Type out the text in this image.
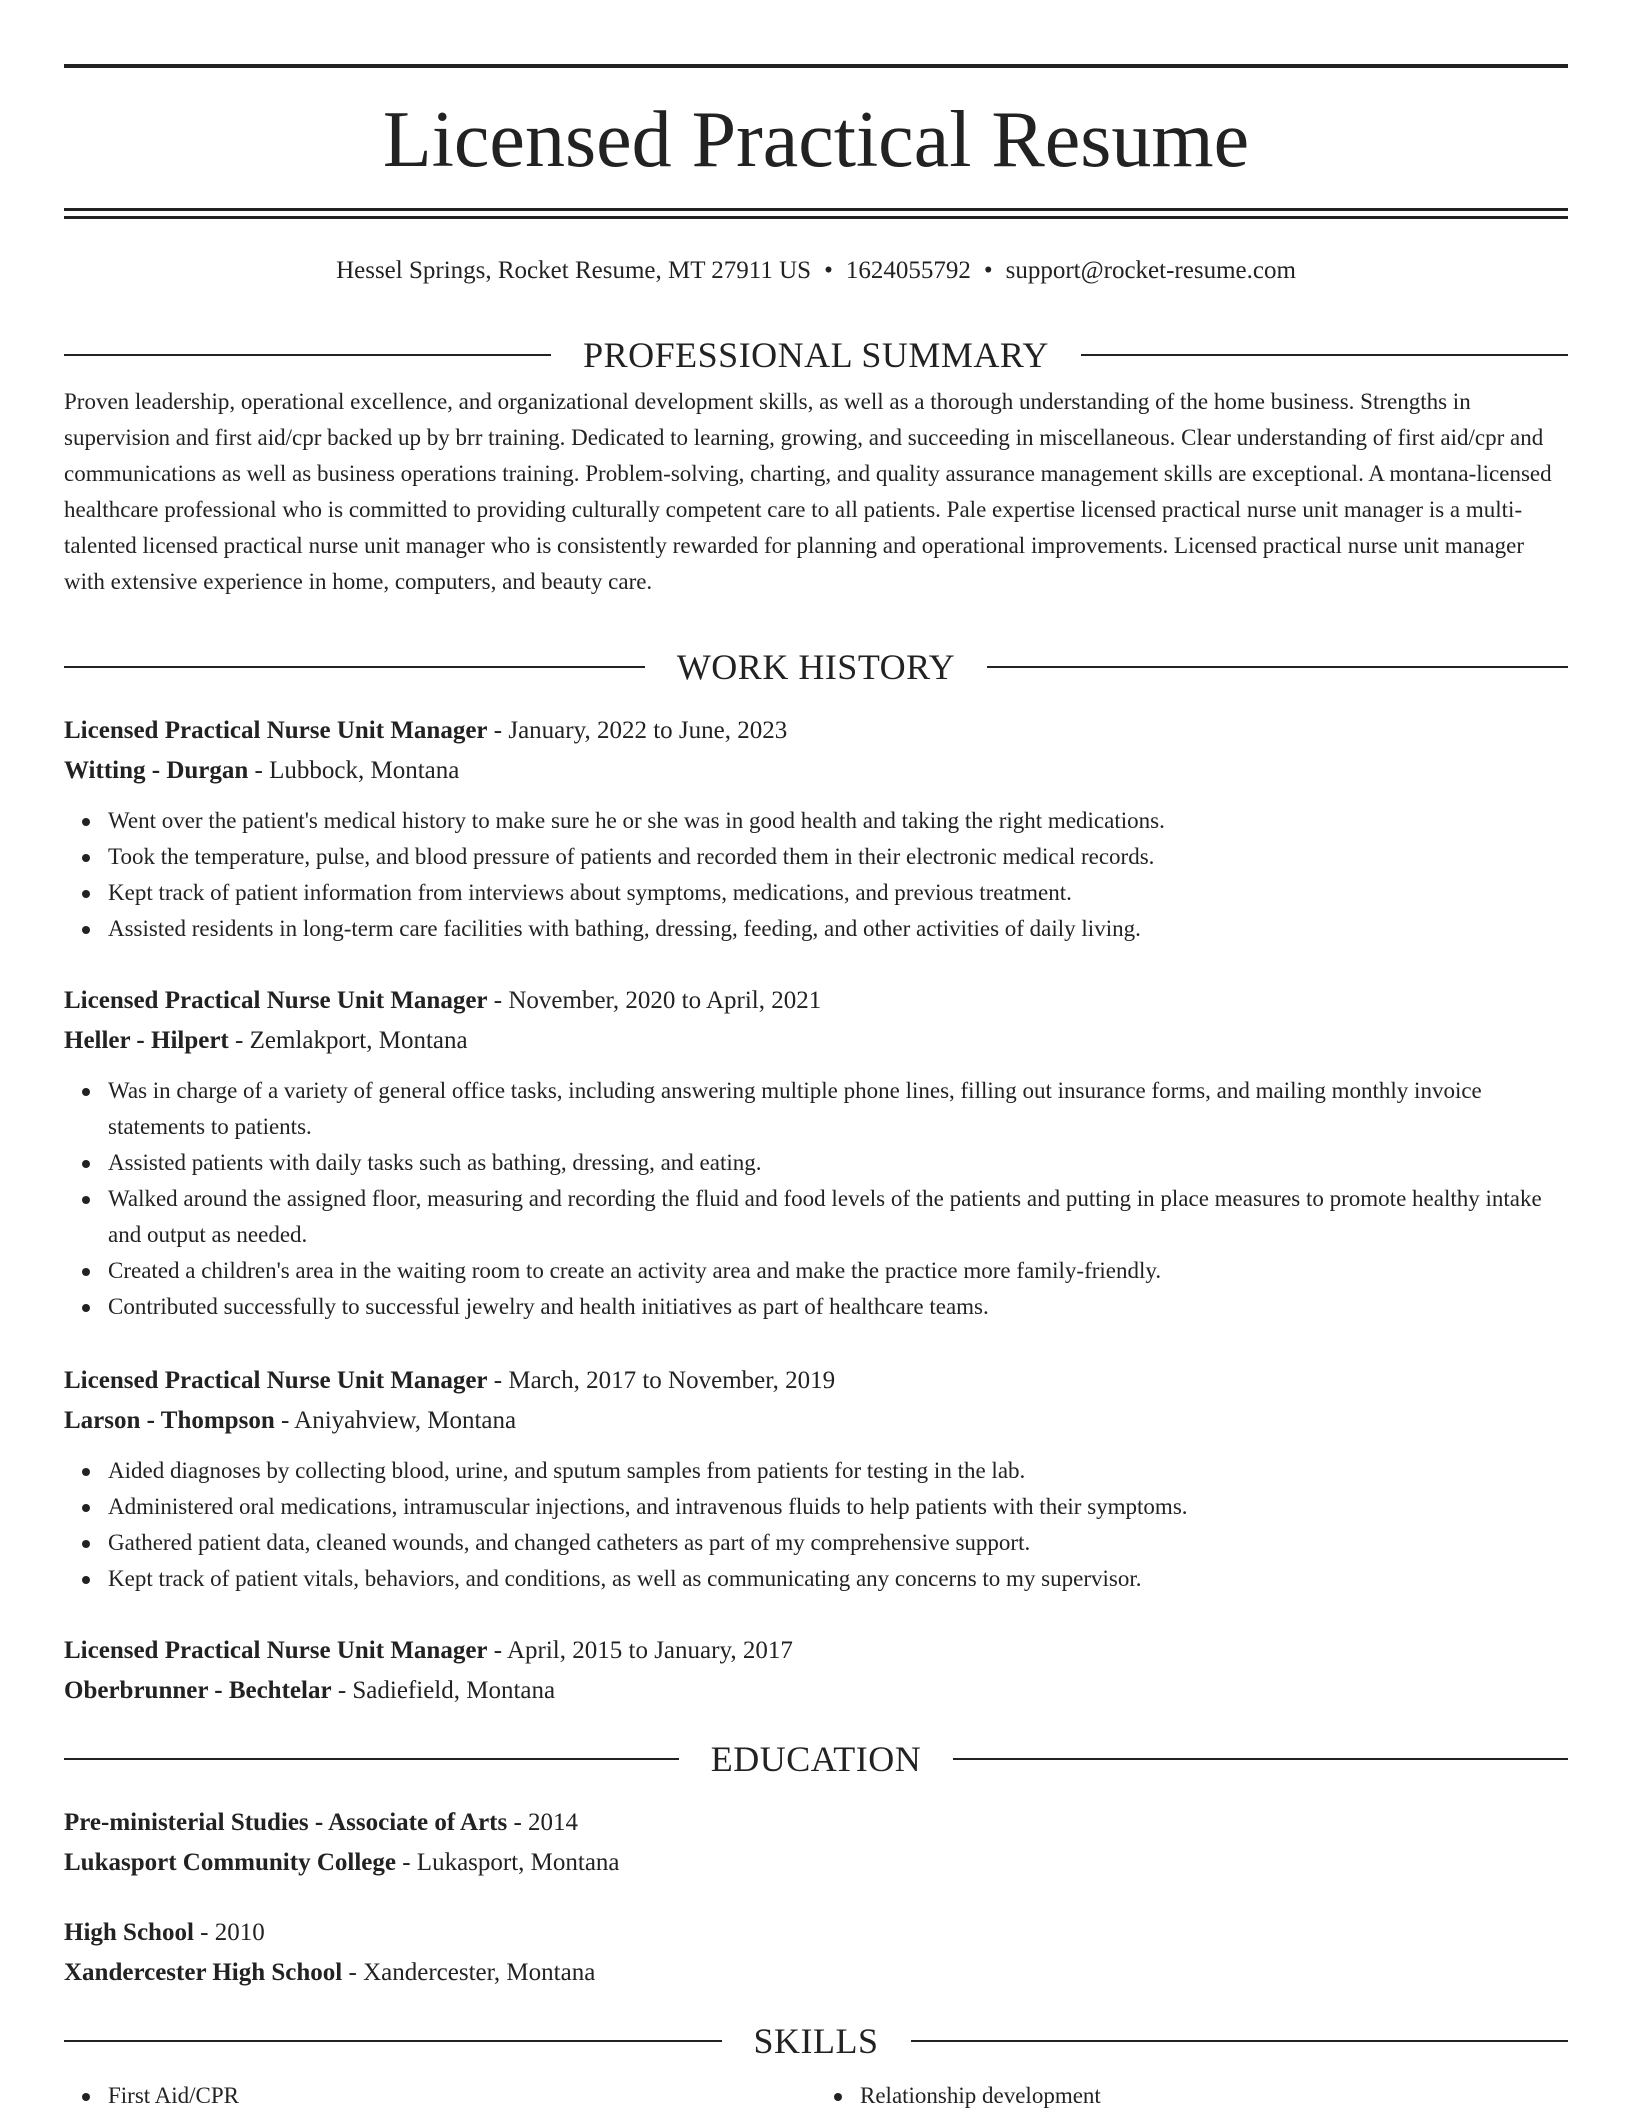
Licensed Practical Resume
Hessel Springs, Rocket Resume, MT 27911 US • 1624055792 • support@rocket-resume.com
PROFESSIONAL SUMMARY

Proven leadership, operational excellence, and organizational development skills, as well as a thorough understanding of the home business. Strengths in supervision and first aid/cpr backed up by brr training. Dedicated to learning, growing, and succeeding in miscellaneous. Clear understanding of first aid/cpr and communications as well as business operations training. Problem-solving, charting, and quality assurance management skills are exceptional. A montana-licensed healthcare professional who is committed to providing culturally competent care to all patients. Pale expertise licensed practical nurse unit manager is a multi-talented licensed practical nurse unit manager who is consistently rewarded for planning and operational improvements. Licensed practical nurse unit manager with extensive experience in home, computers, and beauty care.

WORK HISTORY
Licensed Practical Nurse Unit Manager - January, 2022 to June, 2023
Witting - Durgan - Lubbock, Montana
Went over the patient's medical history to make sure he or she was in good health and taking the right medications.
Took the temperature, pulse, and blood pressure of patients and recorded them in their electronic medical records.
Kept track of patient information from interviews about symptoms, medications, and previous treatment.
Assisted residents in long-term care facilities with bathing, dressing, feeding, and other activities of daily living.
Licensed Practical Nurse Unit Manager - November, 2020 to April, 2021
Heller - Hilpert - Zemlakport, Montana
Was in charge of a variety of general office tasks, including answering multiple phone lines, filling out insurance forms, and mailing monthly invoice statements to patients.
Assisted patients with daily tasks such as bathing, dressing, and eating.
Walked around the assigned floor, measuring and recording the fluid and food levels of the patients and putting in place measures to promote healthy intake and output as needed.
Created a children's area in the waiting room to create an activity area and make the practice more family-friendly.
Contributed successfully to successful jewelry and health initiatives as part of healthcare teams.
Licensed Practical Nurse Unit Manager - March, 2017 to November, 2019
Larson - Thompson - Aniyahview, Montana
Aided diagnoses by collecting blood, urine, and sputum samples from patients for testing in the lab.
Administered oral medications, intramuscular injections, and intravenous fluids to help patients with their symptoms.
Gathered patient data, cleaned wounds, and changed catheters as part of my comprehensive support.
Kept track of patient vitals, behaviors, and conditions, as well as communicating any concerns to my supervisor.
Licensed Practical Nurse Unit Manager - April, 2015 to January, 2017
Oberbrunner - Bechtelar - Sadiefield, Montana
EDUCATION
Pre-ministerial Studies - Associate of Arts - 2014
Lukasport Community College - Lukasport, Montana
High School - 2010
Xandercester High School - Xandercester, Montana
SKILLS
First Aid/CPR	Relationship development
